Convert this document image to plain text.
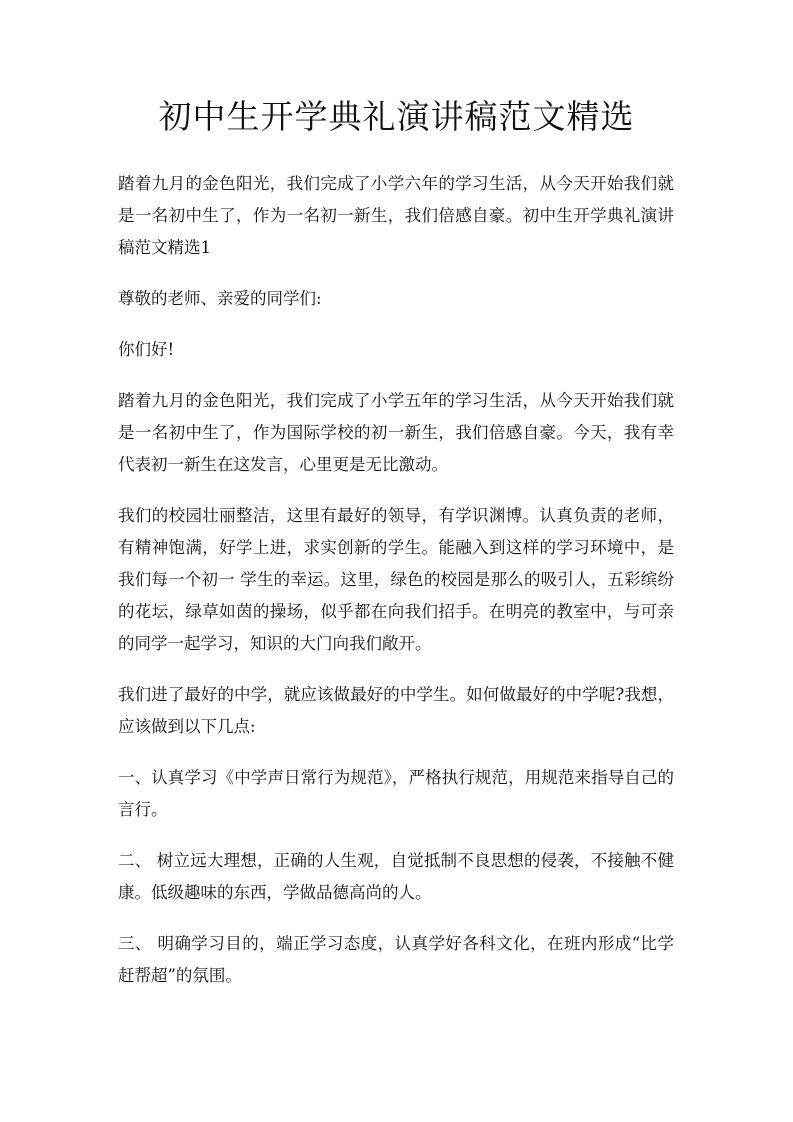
初中生开学典礼演讲稿范文精选

踏着九月的金色阳光，我们完成了小学六年的学习生活，从今天开始我们就是一名初中生了，作为一名初一新生，我们倍感自豪。初中生开学典礼演讲稿范文精选1

尊敬的老师、亲爱的同学们:

你们好!

踏着九月的金色阳光，我们完成了小学五年的学习生活，从今天开始我们就是一名初中生了，作为国际学校的初一新生，我们倍感自豪。今天，我有幸代表初一新生在这发言，心里更是无比激动。

我们的校园壮丽整洁，这里有最好的领导，有学识渊博。认真负责的老师，有精神饱满，好学上进，求实创新的学生。能融入到这样的学习环境中，是我们每一个初一 学生的幸运。这里，绿色的校园是那么的吸引人，五彩缤纷的花坛，绿草如茵的操场，似乎都在向我们招手。在明亮的教室中，与可亲的同学一起学习，知识的大门向我们敞开。

我们进了最好的中学，就应该做最好的中学生。如何做最好的中学呢?我想，应该做到以下几点:

一、认真学习《中学声日常行为规范》，严格执行规范，用规范来指导自己的言行。

二、 树立远大理想，正确的人生观，自觉抵制不良思想的侵袭，不接触不健康。低级趣味的东西，学做品德高尚的人。

三、 明确学习目的，端正学习态度，认真学好各科文化，在班内形成“比学赶帮超”的氛围。
